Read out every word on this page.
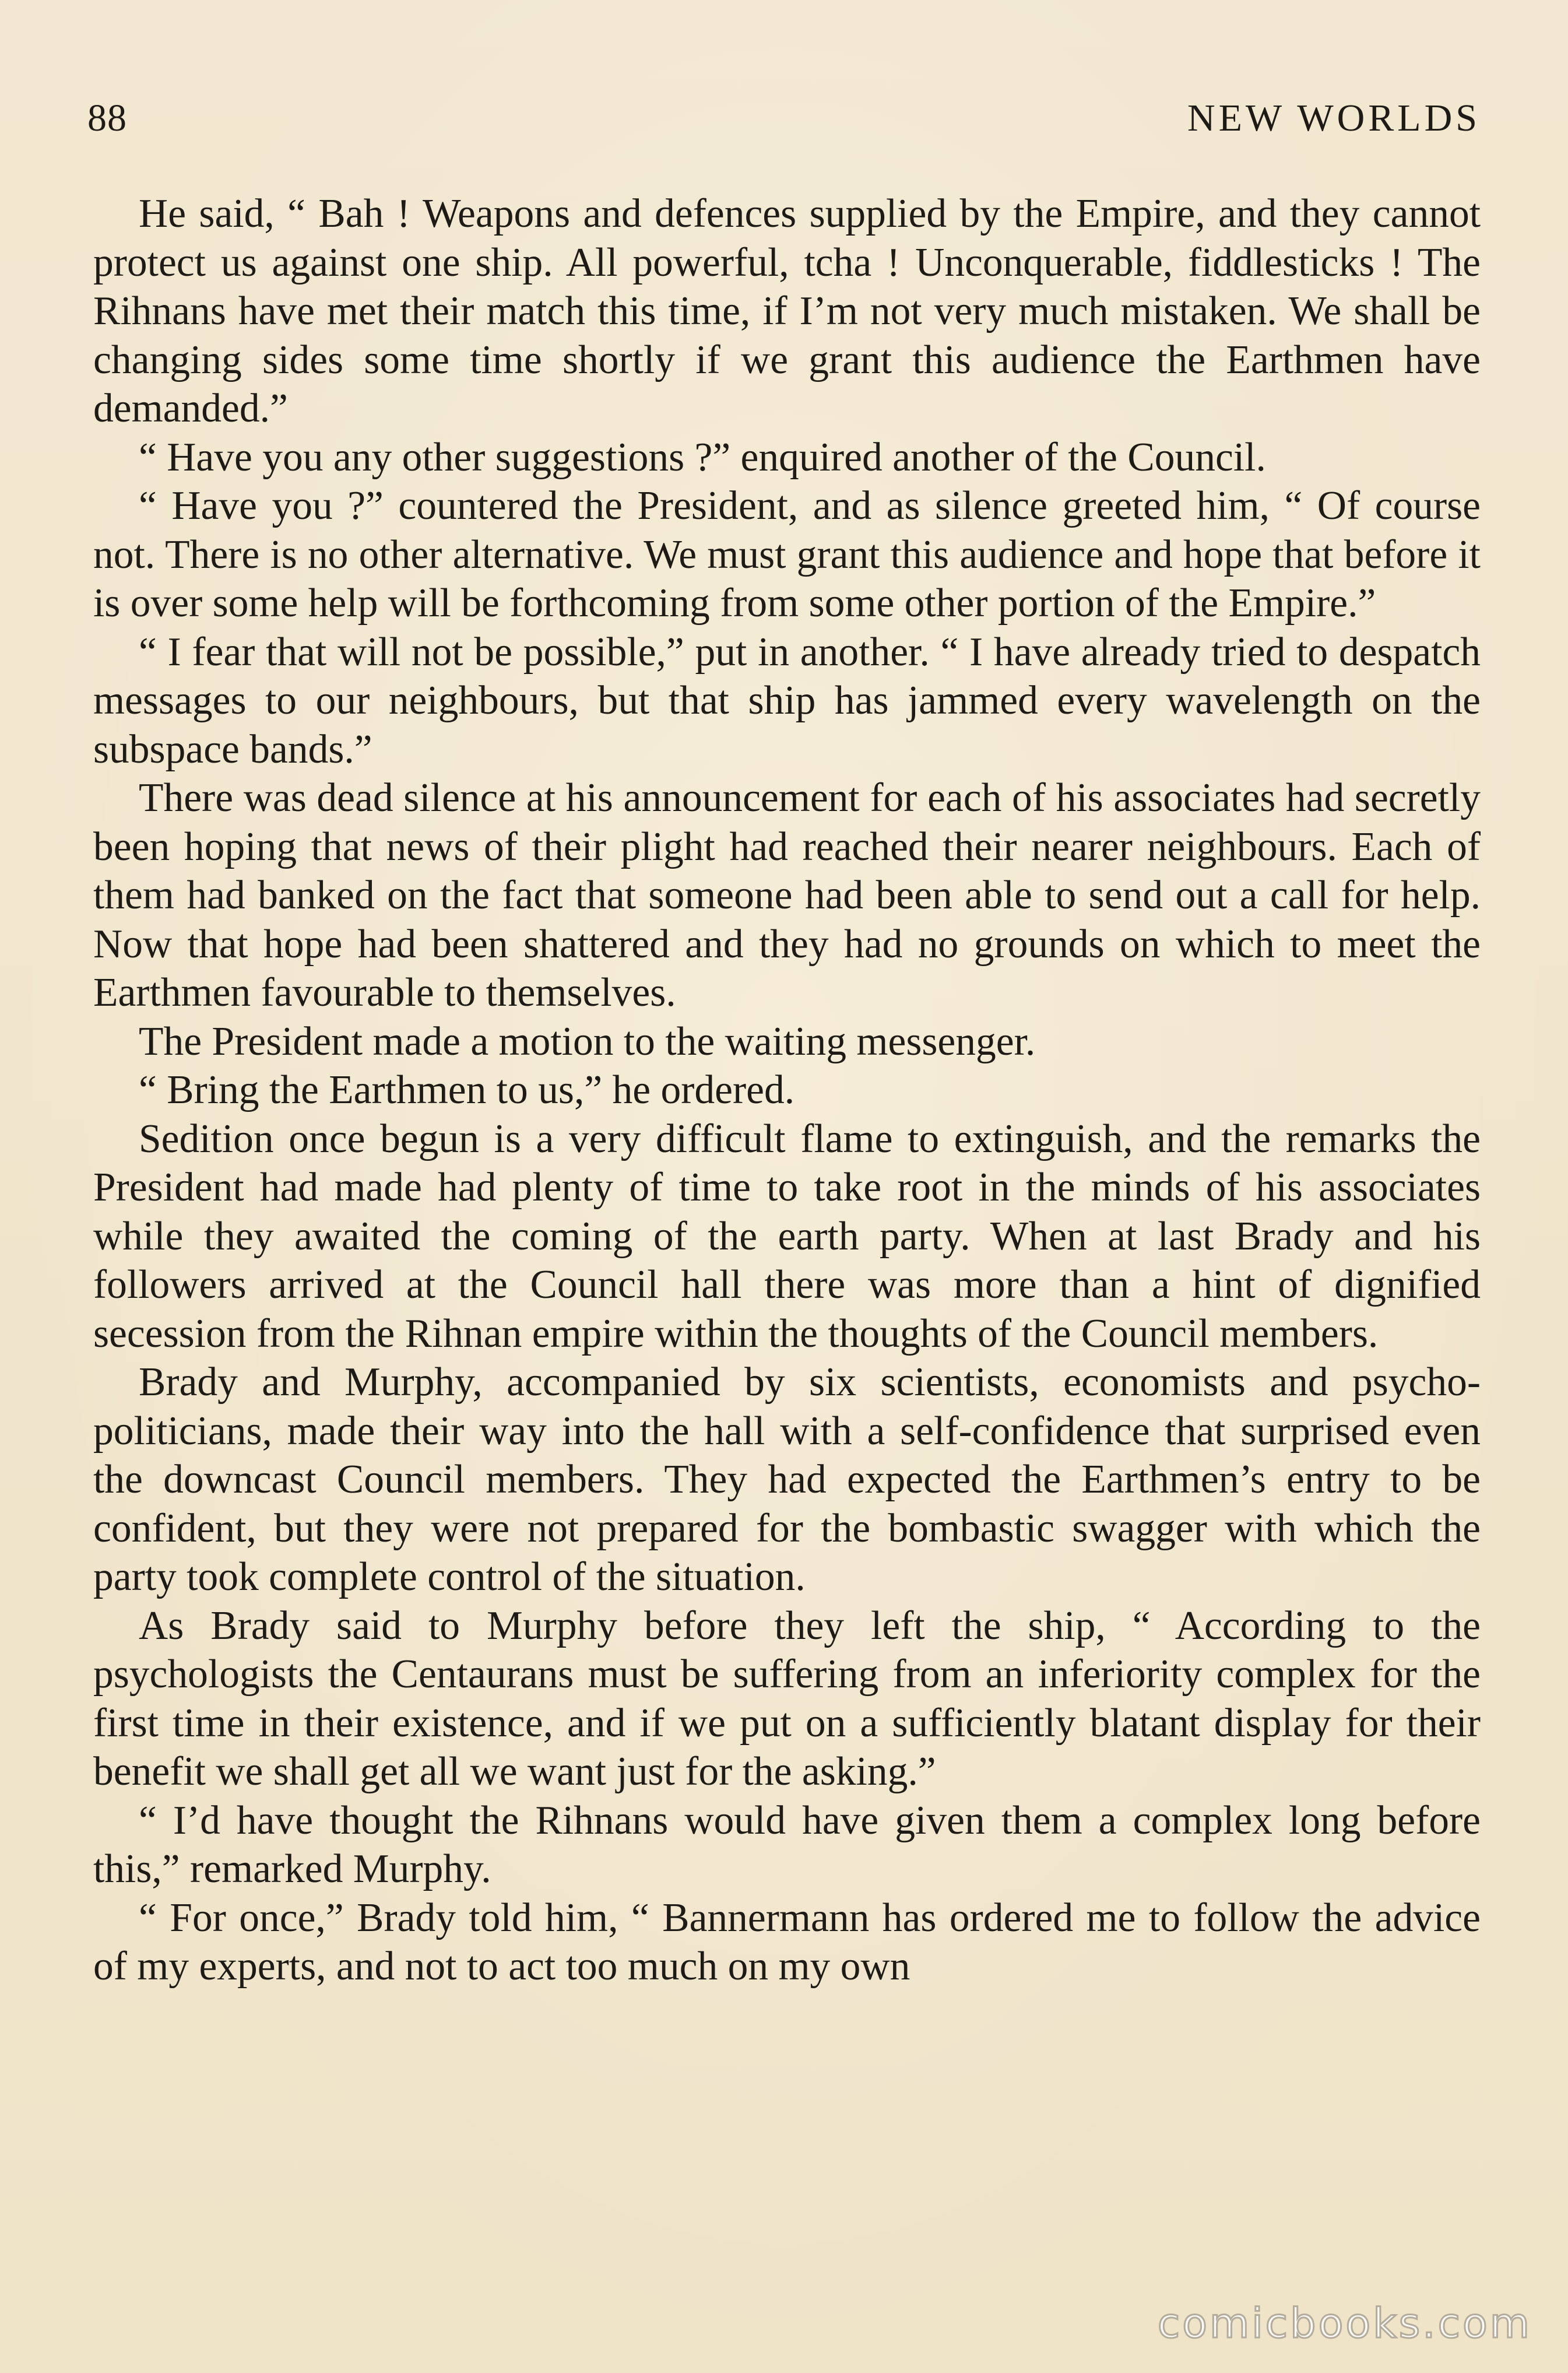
88	NEW WORLDS

He said, “ Bah ! Weapons and defences supplied by the Empire, and they cannot protect us against one ship. All powerful, tcha ! Unconquerable, fiddlesticks ! The Rihnans have met their match this time, if I’m not very much mistaken. We shall be changing sides some time shortly if we grant this audience the Earthmen have demanded.”

“ Have you any other suggestions ?” enquired another of the Council.

“ Have you ?” countered the President, and as silence greeted him, “ Of course not. There is no other alternative. We must grant this audience and hope that before it is over some help will be forthcoming from some other portion of the Empire.”

“ I fear that will not be possible,” put in another. “ I have already tried to despatch messages to our neighbours, but that ship has jammed every wavelength on the subspace bands.”

There was dead silence at his announcement for each of his associates had secretly been hoping that news of their plight had reached their nearer neighbours. Each of them had banked on the fact that someone had been able to send out a call for help. Now that hope had been shattered and they had no grounds on which to meet the Earthmen favourable to themselves.

The President made a motion to the waiting messenger.

“ Bring the Earthmen to us,” he ordered.

Sedition once begun is a very difficult flame to extinguish, and the remarks the President had made had plenty of time to take root in the minds of his associates while they awaited the coming of the earth party. When at last Brady and his followers arrived at the Council hall there was more than a hint of dignified secession from the Rihnan empire within the thoughts of the Council members.

Brady and Murphy, accompanied by six scientists, economists and psycho-politicians, made their way into the hall with a self-confidence that surprised even the downcast Council members. They had expected the Earthmen’s entry to be confident, but they were not prepared for the bombastic swagger with which the party took complete control of the situation.

As Brady said to Murphy before they left the ship, “ According to the psychologists the Centaurans must be suffering from an inferiority complex for the first time in their existence, and if we put on a sufficiently blatant display for their benefit we shall get all we want just for the asking.”

“ I’d have thought the Rihnans would have given them a complex long before this,” remarked Murphy.

“ For once,” Brady told him, “ Bannermann has ordered me to follow the advice of my experts, and not to act too much on my own

comicbooks.com
